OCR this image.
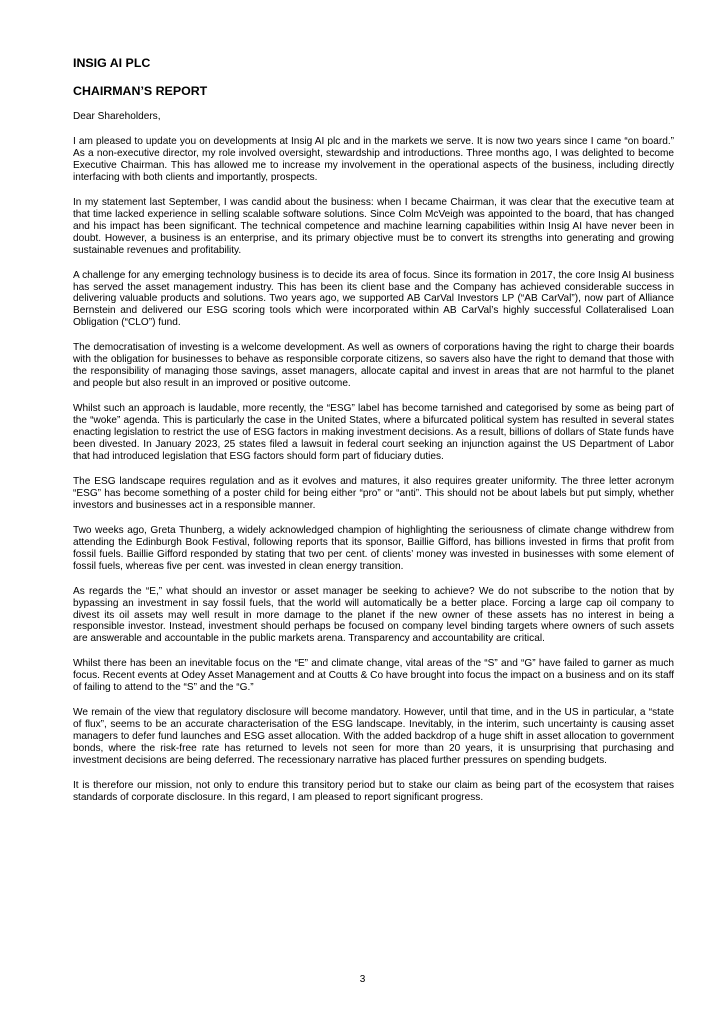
INSIG AI PLC
CHAIRMAN’S REPORT
Dear Shareholders,

I am pleased to update you on developments at Insig AI plc and in the markets we serve. It is now two years since I came “on board.” As a non-executive director, my role involved oversight, stewardship and introductions. Three months ago, I was delighted to become Executive Chairman. This has allowed me to increase my involvement in the operational aspects of the business, including directly interfacing with both clients and importantly, prospects.

In my statement last September, I was candid about the business: when I became Chairman, it was clear that the executive team at that time lacked experience in selling scalable software solutions. Since Colm McVeigh was appointed to the board, that has changed and his impact has been significant. The technical competence and machine learning capabilities within Insig AI have never been in doubt. However, a business is an enterprise, and its primary objective must be to convert its strengths into generating and growing sustainable revenues and profitability.

A challenge for any emerging technology business is to decide its area of focus. Since its formation in 2017, the core Insig AI business has served the asset management industry. This has been its client base and the Company has achieved considerable success in delivering valuable products and solutions. Two years ago, we supported AB CarVal Investors LP (“AB CarVal”), now part of Alliance Bernstein and delivered our ESG scoring tools which were incorporated within AB CarVal’s highly successful Collateralised Loan Obligation (“CLO”) fund.

The democratisation of investing is a welcome development. As well as owners of corporations having the right to charge their boards with the obligation for businesses to behave as responsible corporate citizens, so savers also have the right to demand that those with the responsibility of managing those savings, asset managers, allocate capital and invest in areas that are not harmful to the planet and people but also result in an improved or positive outcome.

Whilst such an approach is laudable, more recently, the “ESG” label has become tarnished and categorised by some as being part of the “woke” agenda. This is particularly the case in the United States, where a bifurcated political system has resulted in several states enacting legislation to restrict the use of ESG factors in making investment decisions. As a result, billions of dollars of State funds have been divested. In January 2023, 25 states filed a lawsuit in federal court seeking an injunction against the US Department of Labor that had introduced legislation that ESG factors should form part of fiduciary duties.

The ESG landscape requires regulation and as it evolves and matures, it also requires greater uniformity. The three letter acronym “ESG” has become something of a poster child for being either “pro” or “anti”. This should not be about labels but put simply, whether investors and businesses act in a responsible manner.

Two weeks ago, Greta Thunberg, a widely acknowledged champion of highlighting the seriousness of climate change withdrew from attending the Edinburgh Book Festival, following reports that its sponsor, Baillie Gifford, has billions invested in firms that profit from fossil fuels. Baillie Gifford responded by stating that two per cent. of clients’ money was invested in businesses with some element of fossil fuels, whereas five per cent. was invested in clean energy transition.

As regards the “E,” what should an investor or asset manager be seeking to achieve? We do not subscribe to the notion that by bypassing an investment in say fossil fuels, that the world will automatically be a better place. Forcing a large cap oil company to divest its oil assets may well result in more damage to the planet if the new owner of these assets has no interest in being a responsible investor. Instead, investment should perhaps be focused on company level binding targets where owners of such assets are answerable and accountable in the public markets arena. Transparency and accountability are critical.

Whilst there has been an inevitable focus on the “E” and climate change, vital areas of the “S” and “G” have failed to garner as much focus. Recent events at Odey Asset Management and at Coutts & Co have brought into focus the impact on a business and on its staff of failing to attend to the “S” and the “G.”

We remain of the view that regulatory disclosure will become mandatory. However, until that time, and in the US in particular, a “state of flux”, seems to be an accurate characterisation of the ESG landscape. Inevitably, in the interim, such uncertainty is causing asset managers to defer fund launches and ESG asset allocation. With the added backdrop of a huge shift in asset allocation to government bonds, where the risk-free rate has returned to levels not seen for more than 20 years, it is unsurprising that purchasing and investment decisions are being deferred. The recessionary narrative has placed further pressures on spending budgets.

It is therefore our mission, not only to endure this transitory period but to stake our claim as being part of the ecosystem that raises standards of corporate disclosure. In this regard, I am pleased to report significant progress.

3
